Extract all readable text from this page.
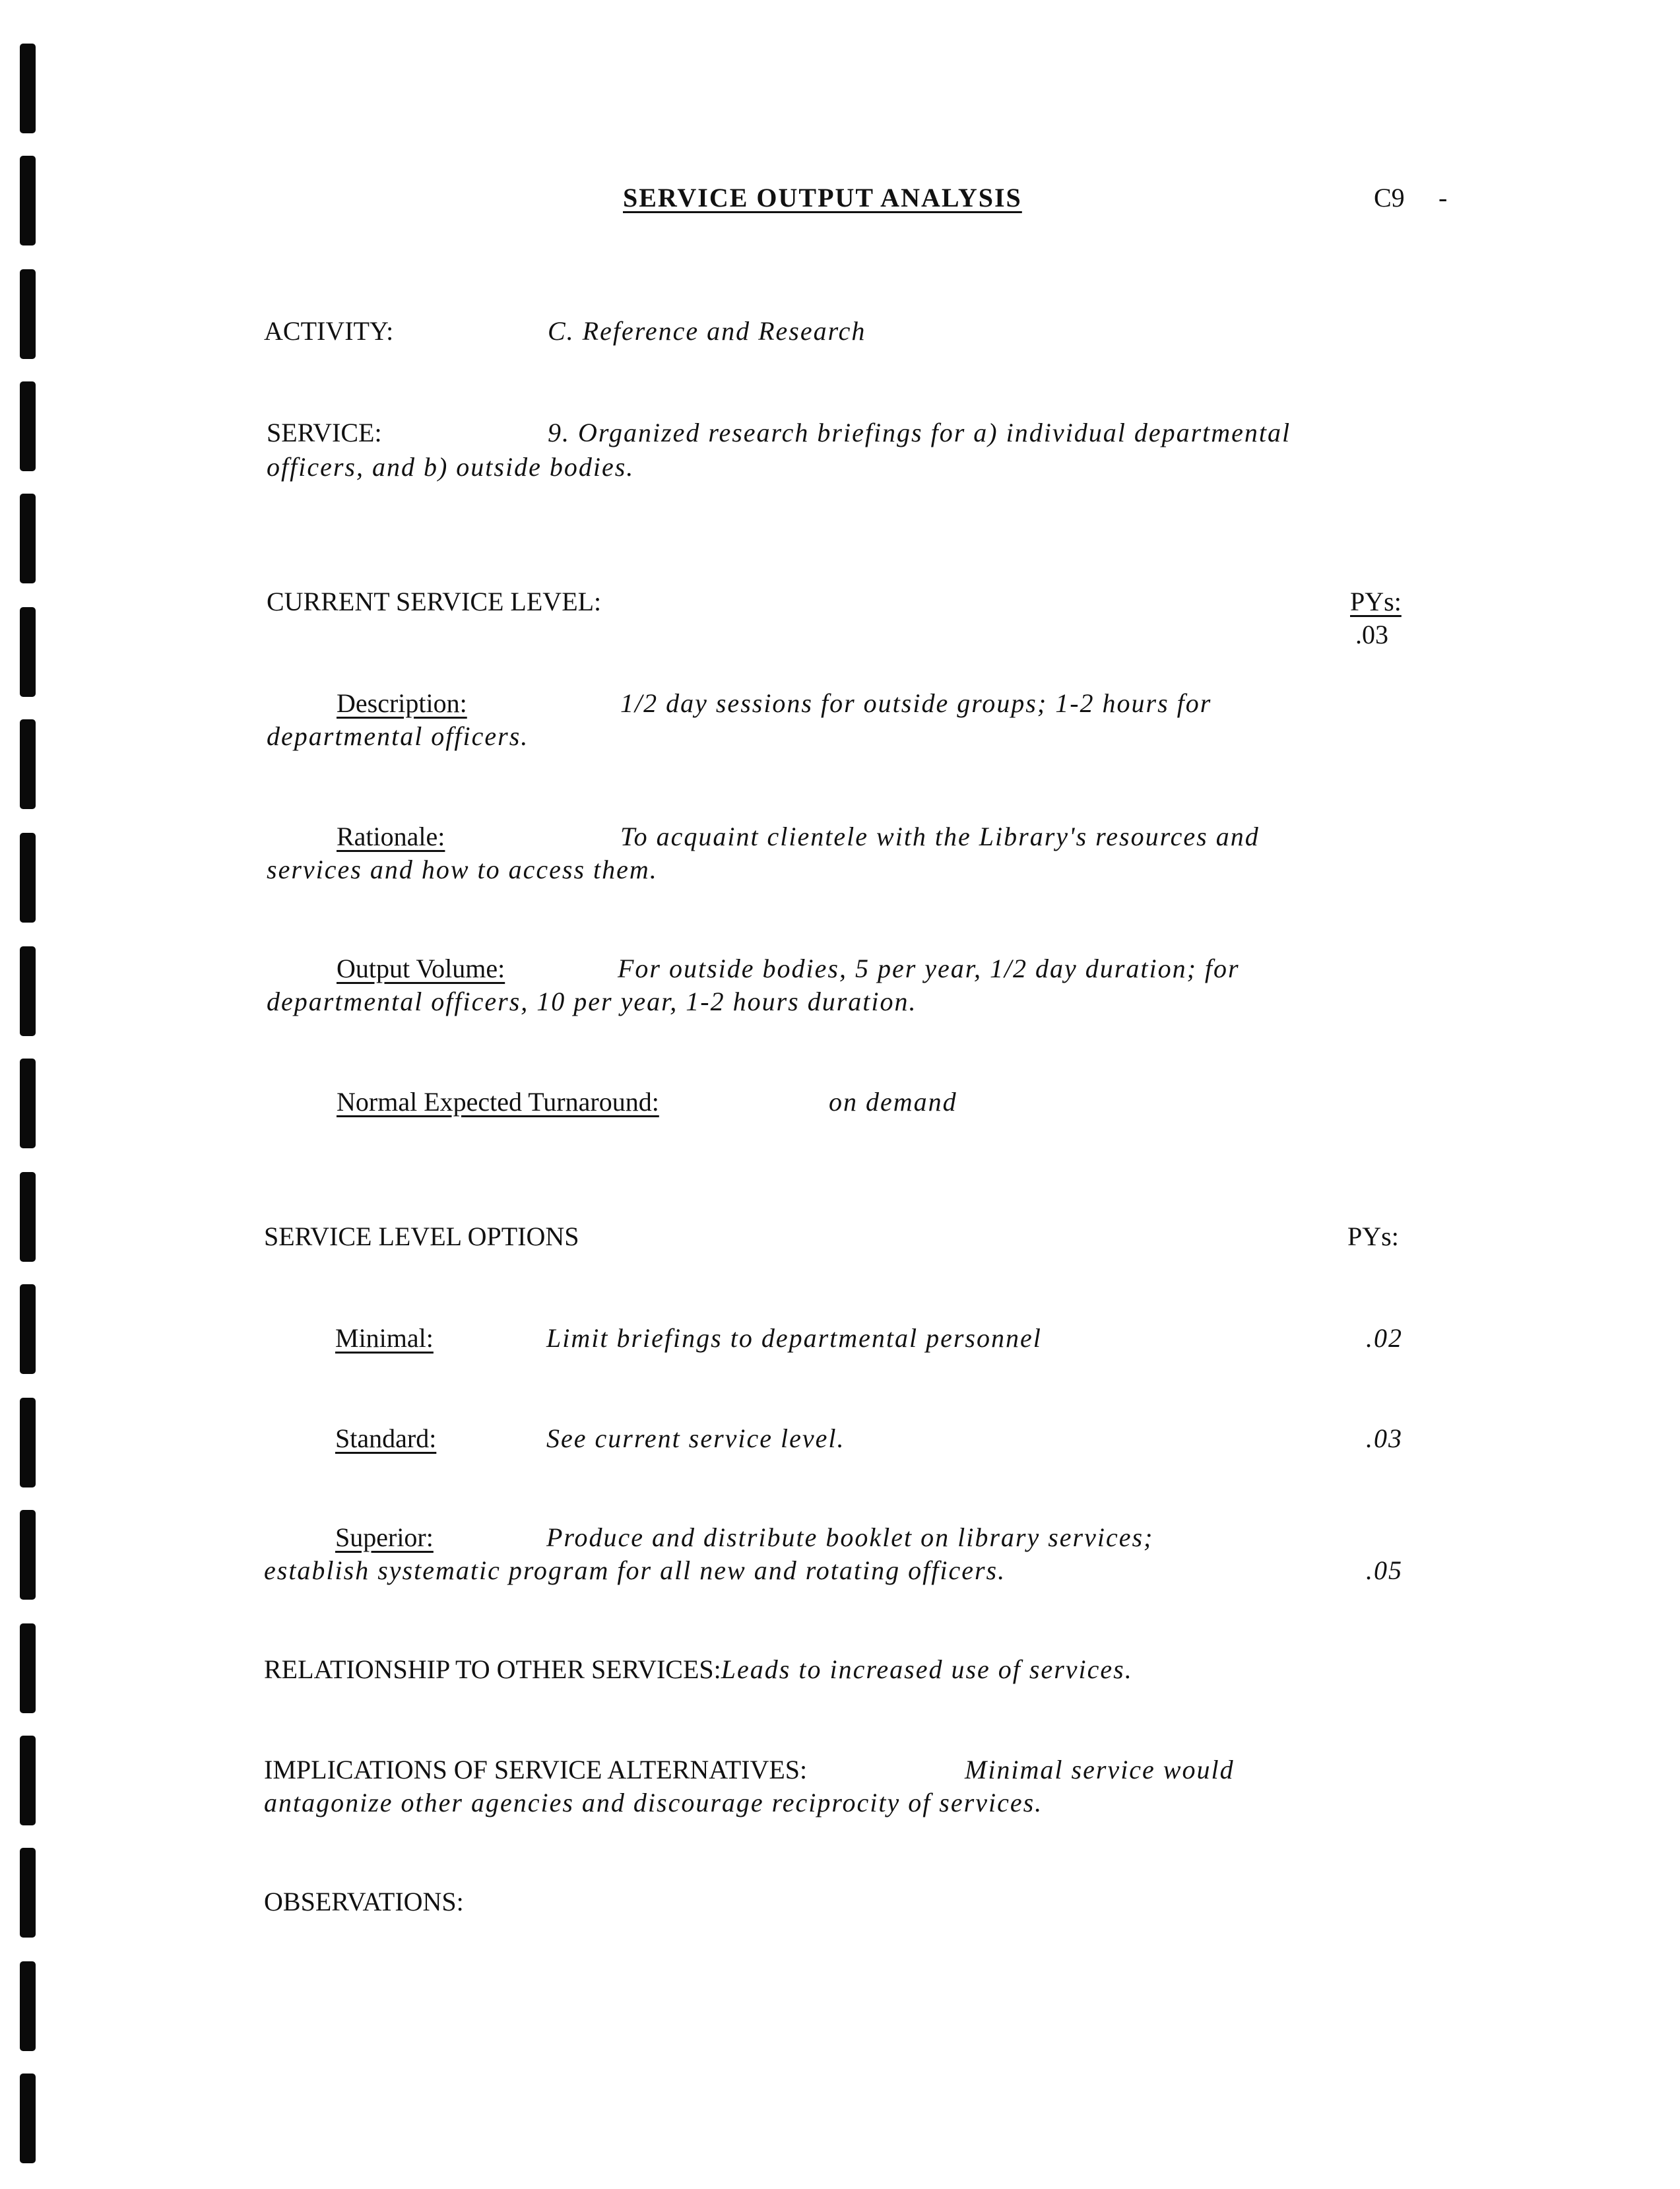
SERVICE OUTPUT ANALYSIS	C9 -
ACTIVITY:	C. Reference and Research
SERVICE:	9. Organized research briefings for a) individual departmental
officers, and b) outside bodies.
CURRENT SERVICE LEVEL:	PYs:
.03
Description:	1/2 day sessions for outside groups; 1-2 hours for
departmental officers.
Rationale:	To acquaint clientele with the Library's resources and
services and how to access them.
Output Volume:	For outside bodies, 5 per year, 1/2 day duration; for
departmental officers, 10 per year, 1-2 hours duration.
Normal Expected Turnaround:	on demand
SERVICE LEVEL OPTIONS	PYs:
Minimal:	Limit briefings to departmental personnel	.02
Standard:	See current service level.	.03
Superior:	Produce and distribute booklet on library services;
establish systematic program for all new and rotating officers.	.05
RELATIONSHIP TO OTHER SERVICES:Leads to increased use of services.
IMPLICATIONS OF SERVICE ALTERNATIVES:	Minimal service would
antagonize other agencies and discourage reciprocity of services.
OBSERVATIONS:
